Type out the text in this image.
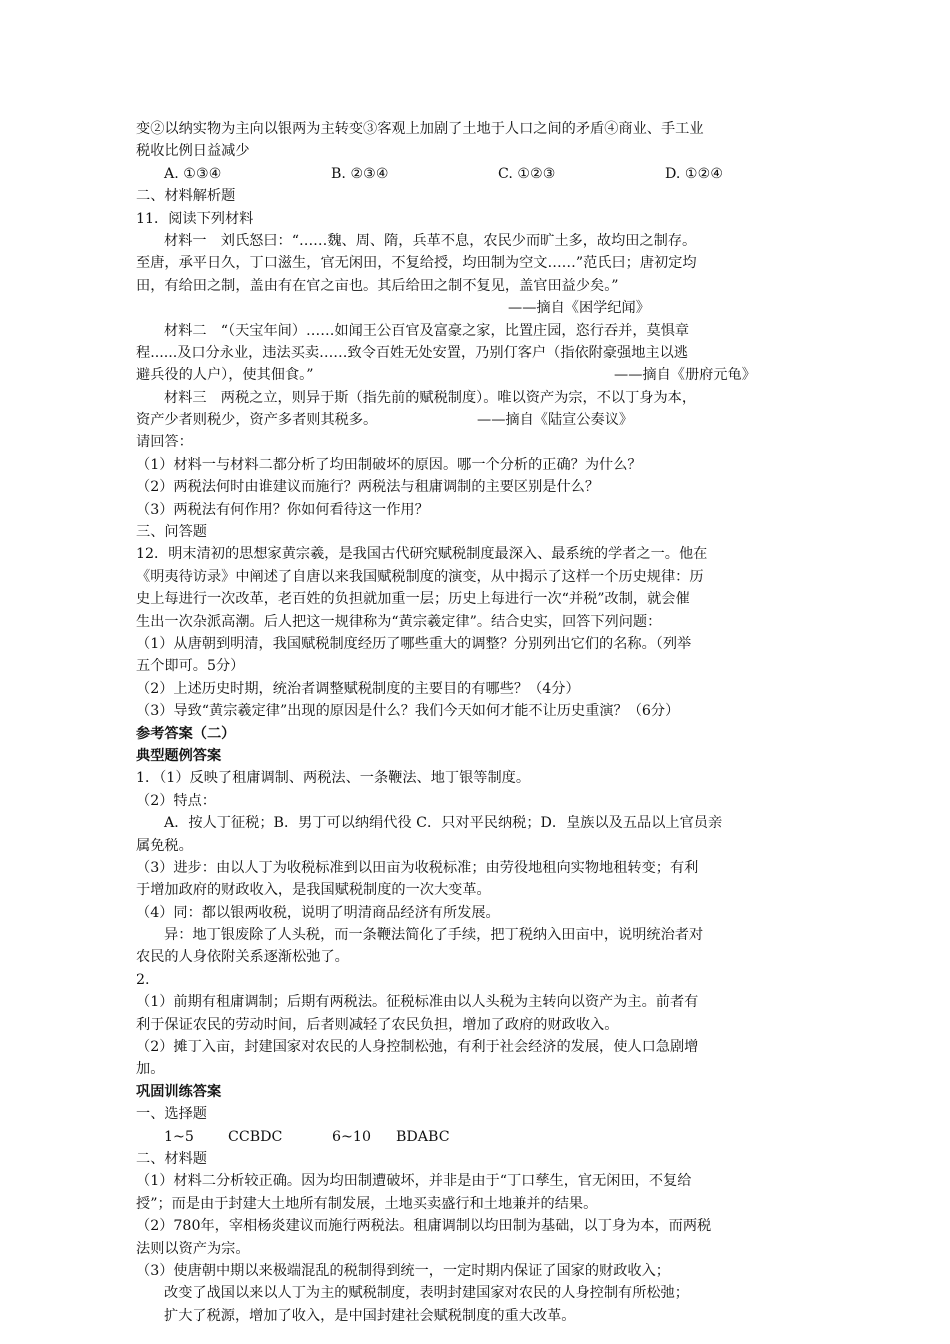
变②以纳实物为主向以银两为主转变③客观上加剧了土地于人口之间的矛盾④商业、手工业
税收比例日益减少
A. ①③④	B. ②③④	C. ①②③	D. ①②④
二、材料解析题
11．阅读下列材料
材料一　刘氏怒曰：“……魏、周、隋，兵革不息，农民少而旷土多，故均田之制存。
至唐，承平日久，丁口滋生，官无闲田，不复给授，均田制为空文……”范氏曰；唐初定均
田，有给田之制，盖由有在官之亩也。其后给田之制不复见，盖官田益少矣。”
——摘自《困学纪闻》
材料二　“（天宝年间）……如闻王公百官及富豪之家，比置庄园，恣行吞并，莫惧章
程......及口分永业，违法买卖……致令百姓无处安置，乃别仃客户（指依附豪强地主以逃
避兵役的人户），使其佃食。”	——摘自《册府元龟》
材料三　两税之立，则异于斯（指先前的赋税制度）。唯以资产为宗，不以丁身为本，
资产少者则税少，资产多者则其税多。	——摘自《陆宣公奏议》
请回答：
（1）材料一与材料二都分析了均田制破坏的原因。哪一个分析的正确？为什么？
（2）两税法何时由谁建议而施行？两税法与租庸调制的主要区别是什么？
（3）两税法有何作用？你如何看待这一作用？
三、问答题
12．明末清初的思想家黄宗羲，是我国古代研究赋税制度最深入、最系统的学者之一。他在
《明夷待访录》中阐述了自唐以来我国赋税制度的演变，从中揭示了这样一个历史规律：历
史上每进行一次改革，老百姓的负担就加重一层；历史上每进行一次“并税”改制，就会催
生出一次杂派高潮。后人把这一规律称为“黄宗羲定律”。结合史实，回答下列问题：
（1）从唐朝到明清，我国赋税制度经历了哪些重大的调整？分别列出它们的名称。（列举
五个即可。5分）
（2）上述历史时期，统治者调整赋税制度的主要目的有哪些？（4分）
（3）导致“黄宗羲定律”出现的原因是什么？我们今天如何才能不让历史重演？（6分）
参考答案（二）
典型题例答案
1．（1）反映了租庸调制、两税法、一条鞭法、地丁银等制度。
（2）特点：
A．按人丁征税；B．男丁可以纳绢代役 C．只对平民纳税；D．皇族以及五品以上官员亲
属免税。
（3）进步：由以人丁为收税标准到以田亩为收税标准；由劳役地租向实物地租转变；有利
于增加政府的财政收入，是我国赋税制度的一次大变革。
（4）同：都以银两收税，说明了明清商品经济有所发展。
异：地丁银废除了人头税，而一条鞭法简化了手续，把丁税纳入田亩中，说明统治者对
农民的人身依附关系逐渐松弛了。
2.
（1）前期有租庸调制；后期有两税法。征税标准由以人头税为主转向以资产为主。前者有
利于保证农民的劳动时间，后者则减轻了农民负担，增加了政府的财政收入。
（2）摊丁入亩，封建国家对农民的人身控制松弛，有利于社会经济的发展，使人口急剧增
加。
巩固训练答案
一、选择题
1~5 CCBDC	6~10 BDABC
二、材料题
（1）材料二分析较正确。因为均田制遭破坏，并非是由于“丁口孳生，官无闲田，不复给
授”；而是由于封建大土地所有制发展，土地买卖盛行和土地兼并的结果。
（2）780年，宰相杨炎建议而施行两税法。租庸调制以均田制为基础，以丁身为本，而两税
法则以资产为宗。
（3）使唐朝中期以来极端混乱的税制得到统一，一定时期内保证了国家的财政收入；
改变了战国以来以人丁为主的赋税制度，表明封建国家对农民的人身控制有所松弛；
扩大了税源，增加了收入，是中国封建社会赋税制度的重大改革。
